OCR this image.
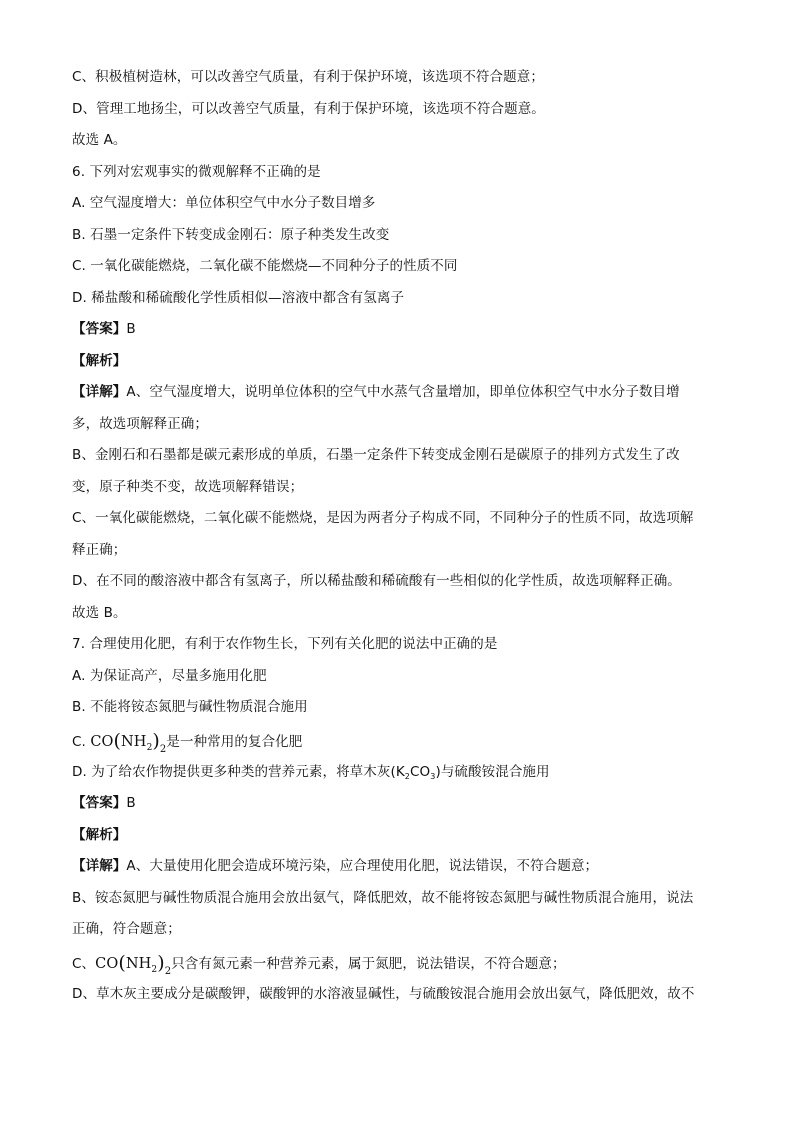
C、积极植树造林，可以改善空气质量，有利于保护环境，该选项不符合题意；
D、管理工地扬尘，可以改善空气质量，有利于保护环境，该选项不符合题意。
故选 A。
6. 下列对宏观事实的微观解释不正确的是
A. 空气湿度增大：单位体积空气中水分子数目增多
B. 石墨一定条件下转变成金刚石：原子种类发生改变
C. 一氧化碳能燃烧，二氧化碳不能燃烧—不同种分子的性质不同
D. 稀盐酸和稀硫酸化学性质相似—溶液中都含有氢离子
【答案】B
【解析】
【详解】A、空气湿度增大，说明单位体积的空气中水蒸气含量增加，即单位体积空气中水分子数目增
多，故选项解释正确；
B、金刚石和石墨都是碳元素形成的单质，石墨一定条件下转变成金刚石是碳原子的排列方式发生了改
变，原子种类不变，故选项解释错误；
C、一氧化碳能燃烧，二氧化碳不能燃烧，是因为两者分子构成不同，不同种分子的性质不同，故选项解
释正确；
D、在不同的酸溶液中都含有氢离子，所以稀盐酸和稀硫酸有一些相似的化学性质，故选项解释正确。
故选 B。
7. 合理使用化肥，有利于农作物生长，下列有关化肥的说法中正确的是
A. 为保证高产，尽量多施用化肥
B. 不能将铵态氮肥与碱性物质混合施用
C. $CO(NH_2)_2$是一种常用的复合化肥
D. 为了给农作物提供更多种类的营养元素，将草木灰$(K_2CO_3)$与硫酸铵混合施用
【答案】B
【解析】
【详解】A、大量使用化肥会造成环境污染，应合理使用化肥，说法错误，不符合题意；
B、铵态氮肥与碱性物质混合施用会放出氨气，降低肥效，故不能将铵态氮肥与碱性物质混合施用，说法
正确，符合题意；
C、$CO(NH_2)_2$只含有氮元素一种营养元素，属于氮肥，说法错误，不符合题意；
D、草木灰主要成分是碳酸钾，碳酸钾的水溶液显碱性，与硫酸铵混合施用会放出氨气，降低肥效，故不
